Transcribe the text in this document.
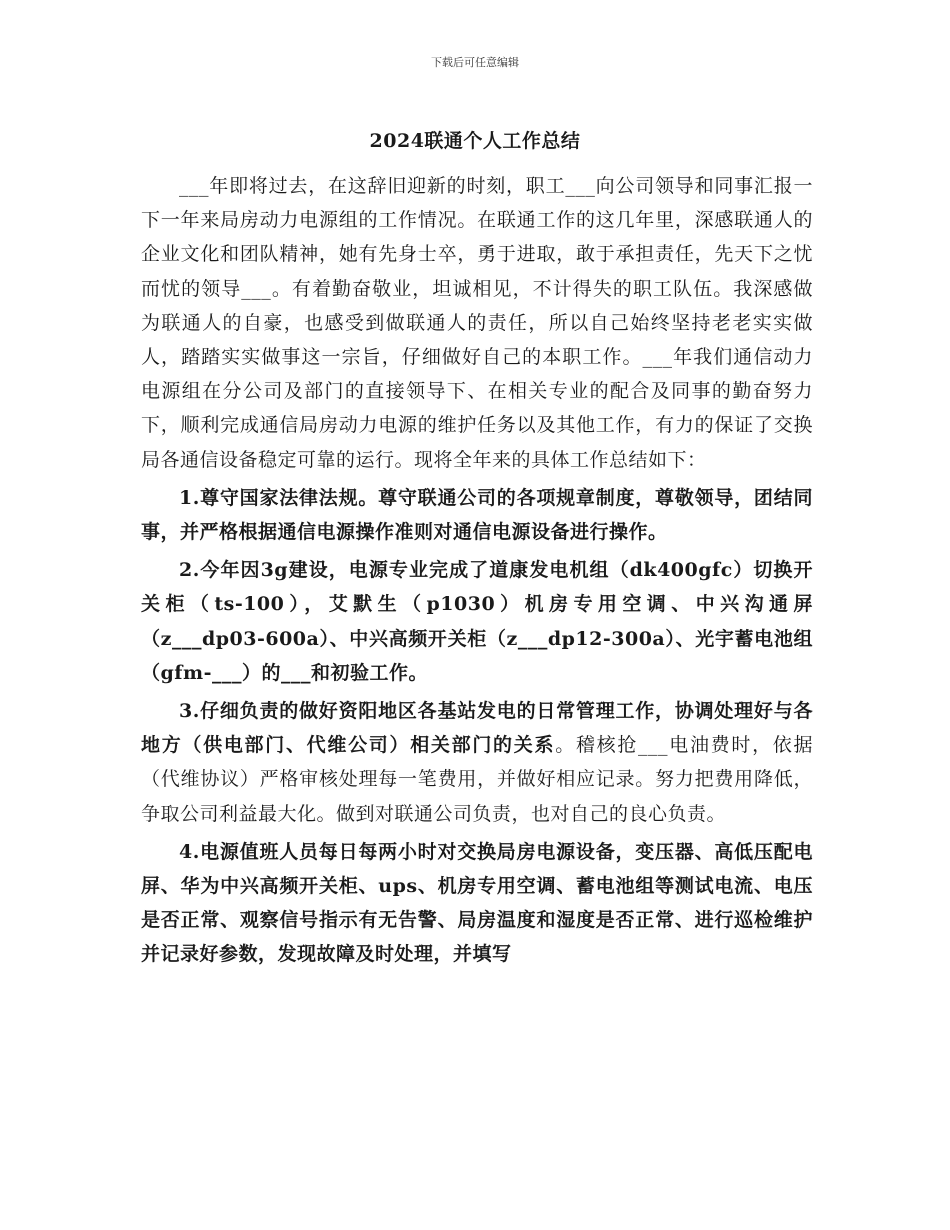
下载后可任意编辑
2024联通个人工作总结

___年即将过去，在这辞旧迎新的时刻，职工___向公司领导和同事汇报一下一年来局房动力电源组的工作情况。在联通工作的这几年里，深感联通人的企业文化和团队精神，她有先身士卒，勇于进取，敢于承担责任，先天下之忧而忧的领导___。有着勤奋敬业，坦诚相见，不计得失的职工队伍。我深感做为联通人的自豪，也感受到做联通人的责任，所以自己始终坚持老老实实做人，踏踏实实做事这一宗旨，仔细做好自己的本职工作。___年我们通信动力电源组在分公司及部门的直接领导下、在相关专业的配合及同事的勤奋努力下，顺利完成通信局房动力电源的维护任务以及其他工作，有力的保证了交换局各通信设备稳定可靠的运行。现将全年来的具体工作总结如下：

1.尊守国家法律法规。尊守联通公司的各项规章制度，尊敬领导，团结同事，并严格根据通信电源操作准则对通信电源设备进行操作。

2.今年因3g建设，电源专业完成了道康发电机组（dk400gfc）切换开关柜（ts-100），艾默生（p1030）机房专用空调、中兴沟通屏（z___dp03-600a）、中兴高频开关柜（z___dp12-300a）、光宇蓄电池组（gfm-___）的___和初验工作。

3.仔细负责的做好资阳地区各基站发电的日常管理工作，协调处理好与各地方（供电部门、代维公司）相关部门的关系。稽核抢___电油费时，依据（代维协议）严格审核处理每一笔费用，并做好相应记录。努力把费用降低，争取公司利益最大化。做到对联通公司负责，也对自己的良心负责。

4.电源值班人员每日每两小时对交换局房电源设备，变压器、高低压配电屏、华为中兴高频开关柜、ups、机房专用空调、蓄电池组等测试电流、电压是否正常、观察信号指示有无告警、局房温度和湿度是否正常、进行巡检维护并记录好参数，发现故障及时处理，并填写
